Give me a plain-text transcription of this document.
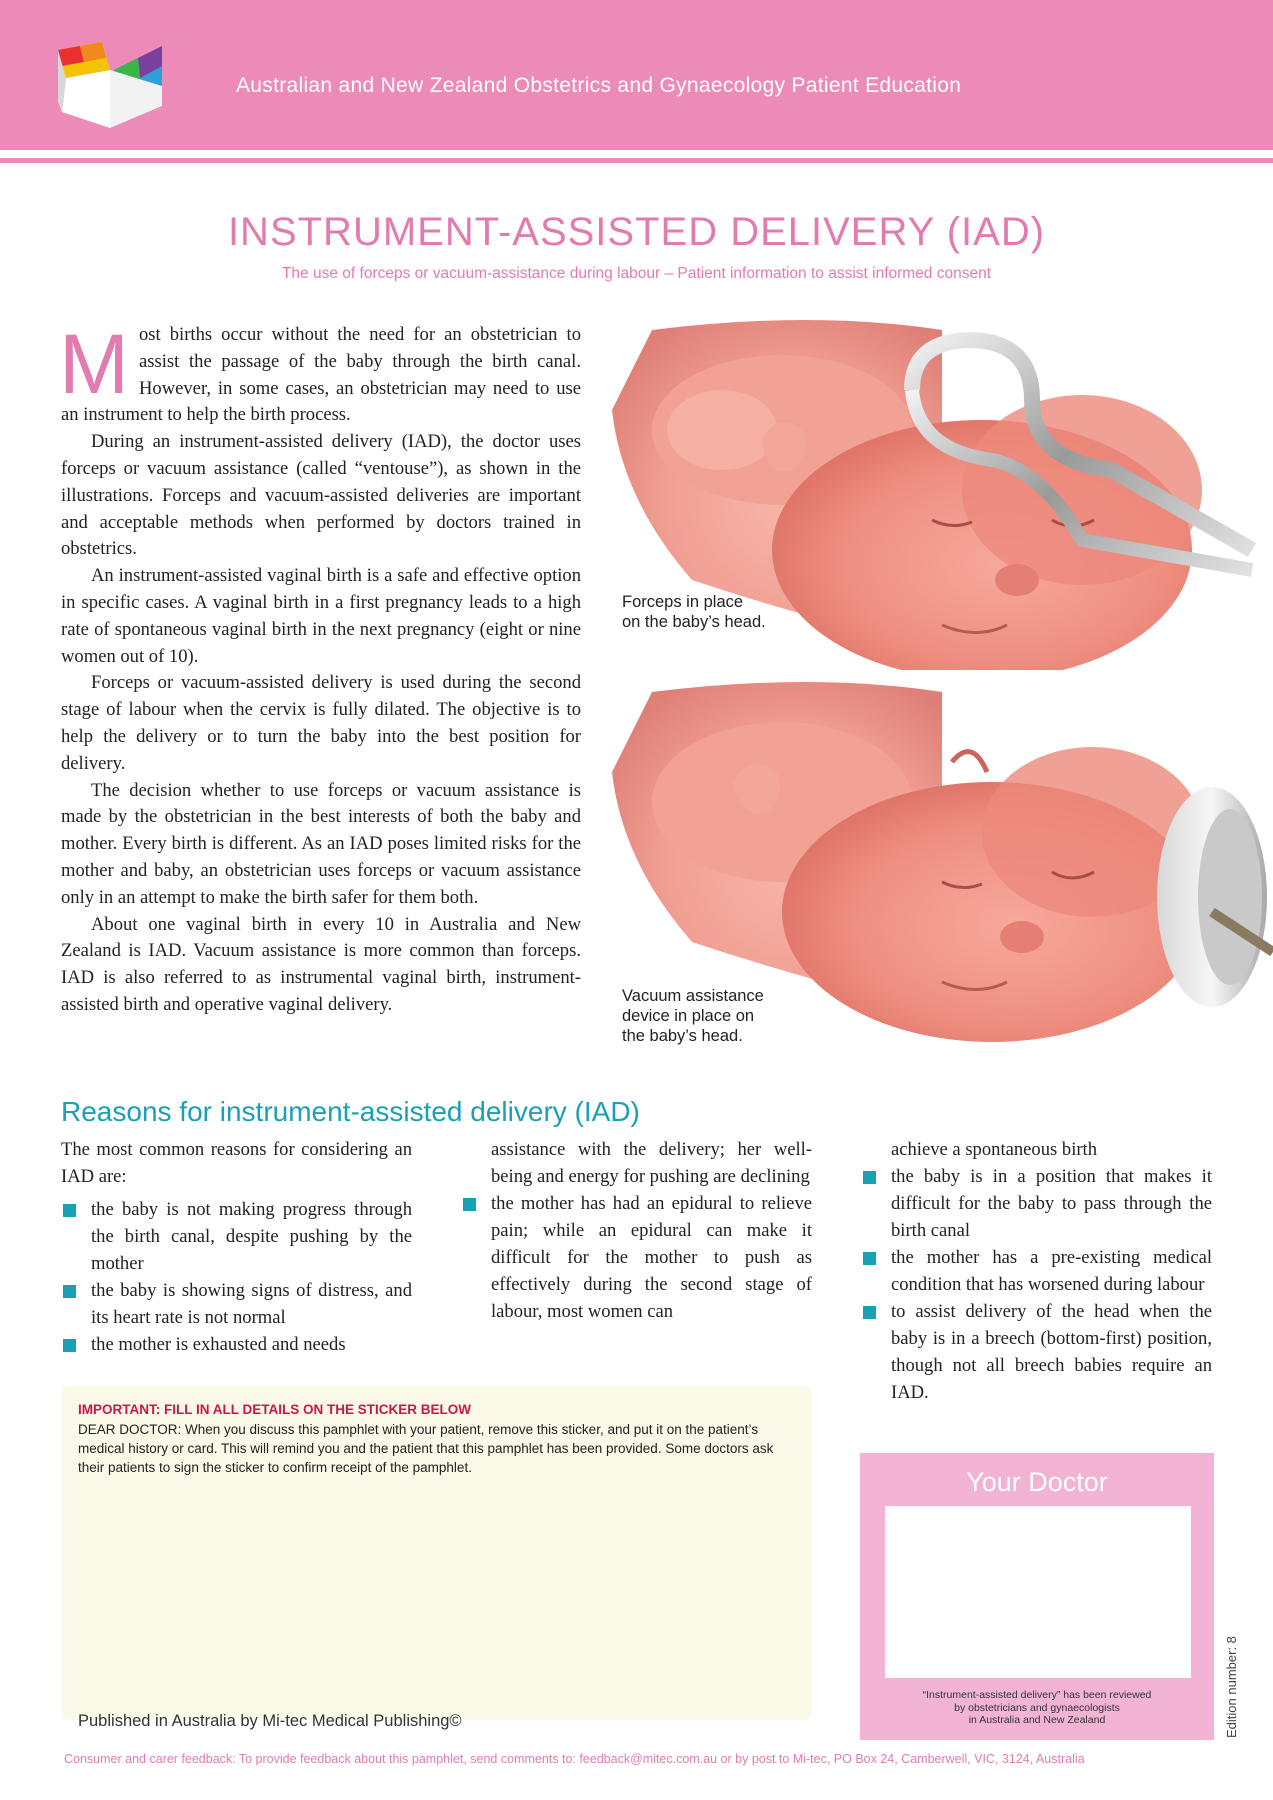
Australian and New Zealand Obstetrics and Gynaecology Patient Education
INSTRUMENT-ASSISTED DELIVERY (IAD)
The use of forceps or vacuum-assistance during labour – Patient information to assist informed consent

Most births occur without the need for an obstetrician to assist the passage of the baby through the birth canal. However, in some cases, an obstetrician may need to use an instrument to help the birth process.

During an instrument-assisted delivery (IAD), the doctor uses forceps or vacuum assistance (called “ventouse”), as shown in the illustrations. Forceps and vacuum-assisted deliveries are important and acceptable methods when performed by doctors trained in obstetrics.

An instrument-assisted vaginal birth is a safe and effective option in specific cases. A vaginal birth in a first pregnancy leads to a high rate of spontaneous vaginal birth in the next pregnancy (eight or nine women out of 10).

Forceps or vacuum-assisted delivery is used during the second stage of labour when the cervix is fully dilated. The objective is to help the delivery or to turn the baby into the best position for delivery.

The decision whether to use forceps or vacuum assistance is made by the obstetrician in the best interests of both the baby and mother. Every birth is different. As an IAD poses limited risks for the mother and baby, an obstetrician uses forceps or vacuum assistance only in an attempt to make the birth safer for them both.

About one vaginal birth in every 10 in Australia and New Zealand is IAD. Vacuum assistance is more common than forceps. IAD is also referred to as instrumental vaginal birth, instrument-assisted birth and operative vaginal delivery.

Forceps in place
on the baby’s head.
Vacuum assistance
device in place on
the baby’s head.
Reasons for instrument-assisted delivery (IAD)

The most common reasons for considering an IAD are:

the baby is not making progress through the birth canal, despite pushing by the mother
the baby is showing signs of distress, and its heart rate is not normal
the mother is exhausted and needs

assistance with the delivery; her well-being and energy for pushing are declining

the mother has had an epidural to relieve pain; while an epidural can make it difficult for the mother to push as effectively during the second stage of labour, most women can

achieve a spontaneous birth

the baby is in a position that makes it difficult for the baby to pass through the birth canal
the mother has a pre-existing medical condition that has worsened during labour
to assist delivery of the head when the baby is in a breech (bottom-first) position, though not all breech babies require an IAD.
IMPORTANT: FILL IN ALL DETAILS ON THE STICKER BELOW
DEAR DOCTOR: When you discuss this pamphlet with your patient, remove this sticker, and put it on the patient’s medical history or card. This will remind you and the patient that this pamphlet has been provided. Some doctors ask their patients to sign the sticker to confirm receipt of the pamphlet.
Published in Australia by Mi-tec Medical Publishing©
Your Doctor
“Instrument-assisted delivery” has been reviewed
by obstetricians and gynaecologists
in Australia and New Zealand	Edition number: 8
Consumer and carer feedback: To provide feedback about this pamphlet, send comments to: feedback@mitec.com.au or by post to Mi-tec, PO Box 24, Camberwell, VIC, 3124, Australia
